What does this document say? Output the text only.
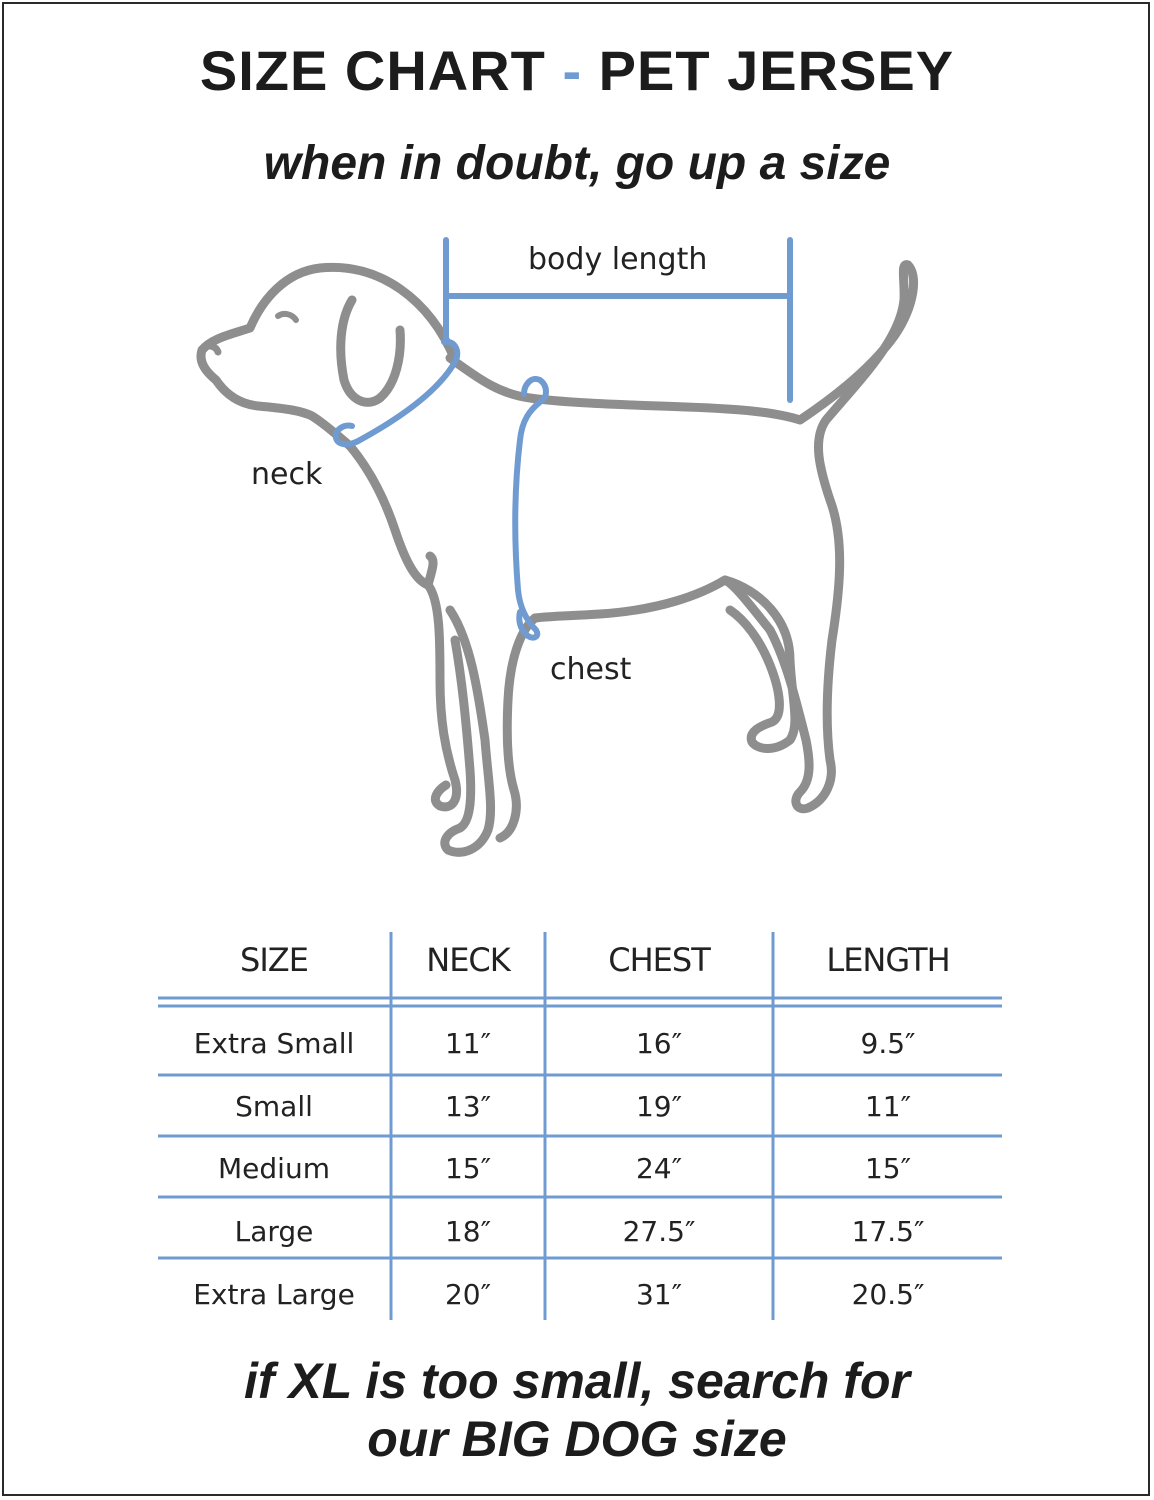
SIZE CHART - PET JERSEY
when in doubt, go up a size
body length
neck
chest
SIZE	NECK	CHEST	LENGTH
Extra Small	11″	16″	9.5″
Small	13″	19″	11″
Medium	15″	24″	15″
Large	18″	27.5″	17.5″
Extra Large	20″	31″	20.5″
if XL is too small, search for
our BIG DOG size
